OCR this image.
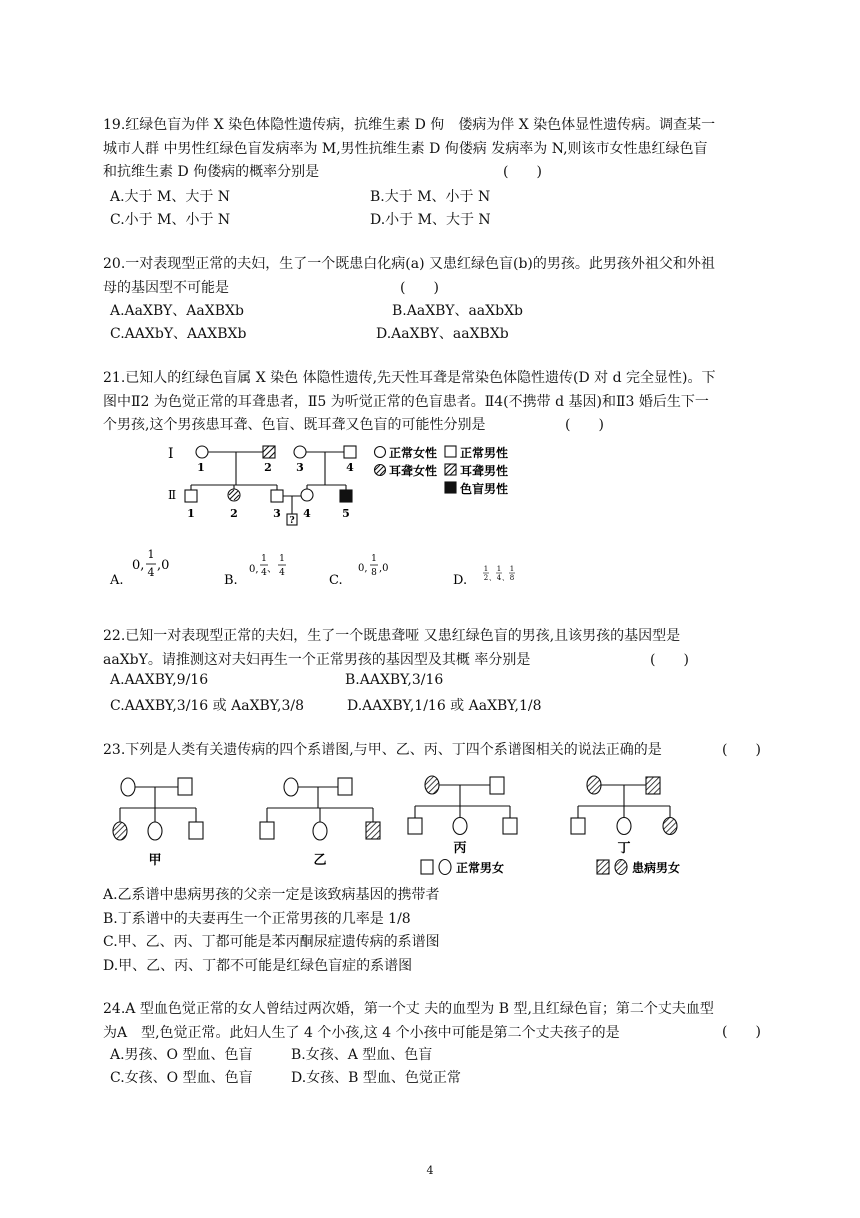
19.红绿色盲为伴 X 染色体隐性遗传病，抗维生素 D 佝　偻病为伴 X 染色体显性遗传病。调查某一
城市人群 中男性红绿色盲发病率为 M,男性抗维生素 D 佝偻病 发病率为 N,则该市女性患红绿色盲
和抗维生素 D 佝偻病的概率分别是	(　　)
A.大于 M、大于 N	B.大于 M、小于 N
C.小于 M、小于 N	D.小于 M、大于 N
20.一对表现型正常的夫妇，生了一个既患白化病(a) 又患红绿色盲(b)的男孩。此男孩外祖父和外祖
母的基因型不可能是	(　　)
A.AaXBY、AaXBXb	B.AaXBY、aaXbXb
C.AAXbY、AAXBXb	D.AaXBY、aaXBXb
21.已知人的红绿色盲属 X 染色 体隐性遗传,先天性耳聋是常染色体隐性遗传(D 对 d 完全显性)。下
图中Ⅱ2 为色觉正常的耳聋患者，Ⅱ5 为听觉正常的色盲患者。Ⅱ4(不携带 d 基因)和Ⅱ3 婚后生下一
个男孩,这个男孩患耳聋、色盲、既耳聋又色盲的可能性分别是	(　　)
Ⅰ
Ⅱ
1	2 3	4
1	2	3 4	5
?
正常女性 正常男性
耳聋女性 耳聋男性
色盲男性
A.
0,
1
4 ,0
B.
0,
1
4 、
1
4	C.
0,
1
8 ,0
D.
1
2 、
1
4 、
1
8
22.已知一对表现型正常的夫妇，生了一个既患聋哑 又患红绿色盲的男孩,且该男孩的基因型是
aaXbY。请推测这对夫妇再生一个正常男孩的基因型及其概 率分别是	(　　)
A.AAXBY,9/16	B.AAXBY,3/16
C.AAXBY,3/16 或 AaXBY,3/8	D.AAXBY,1/16 或 AaXBY,1/8
23.下列是人类有关遗传病的四个系谱图,与甲、乙、丙、丁四个系谱图相关的说法正确的是	(　　)
甲	乙
丙	丁
正常男女	患病男女
A.乙系谱中患病男孩的父亲一定是该致病基因的携带者
B.丁系谱中的夫妻再生一个正常男孩的几率是 1/8
C.甲、乙、丙、丁都可能是苯丙酮尿症遗传病的系谱图
D.甲、乙、丙、丁都不可能是红绿色盲症的系谱图
24.A 型血色觉正常的女人曾结过两次婚，第一个丈 夫的血型为 B 型,且红绿色盲；第二个丈夫血型
为A　型,色觉正常。此妇人生了 4 个小孩,这 4 个小孩中可能是第二个丈夫孩子的是	(　　)
A.男孩、O 型血、色盲	B.女孩、A 型血、色盲
C.女孩、O 型血、色盲	D.女孩、B 型血、色觉正常
4
